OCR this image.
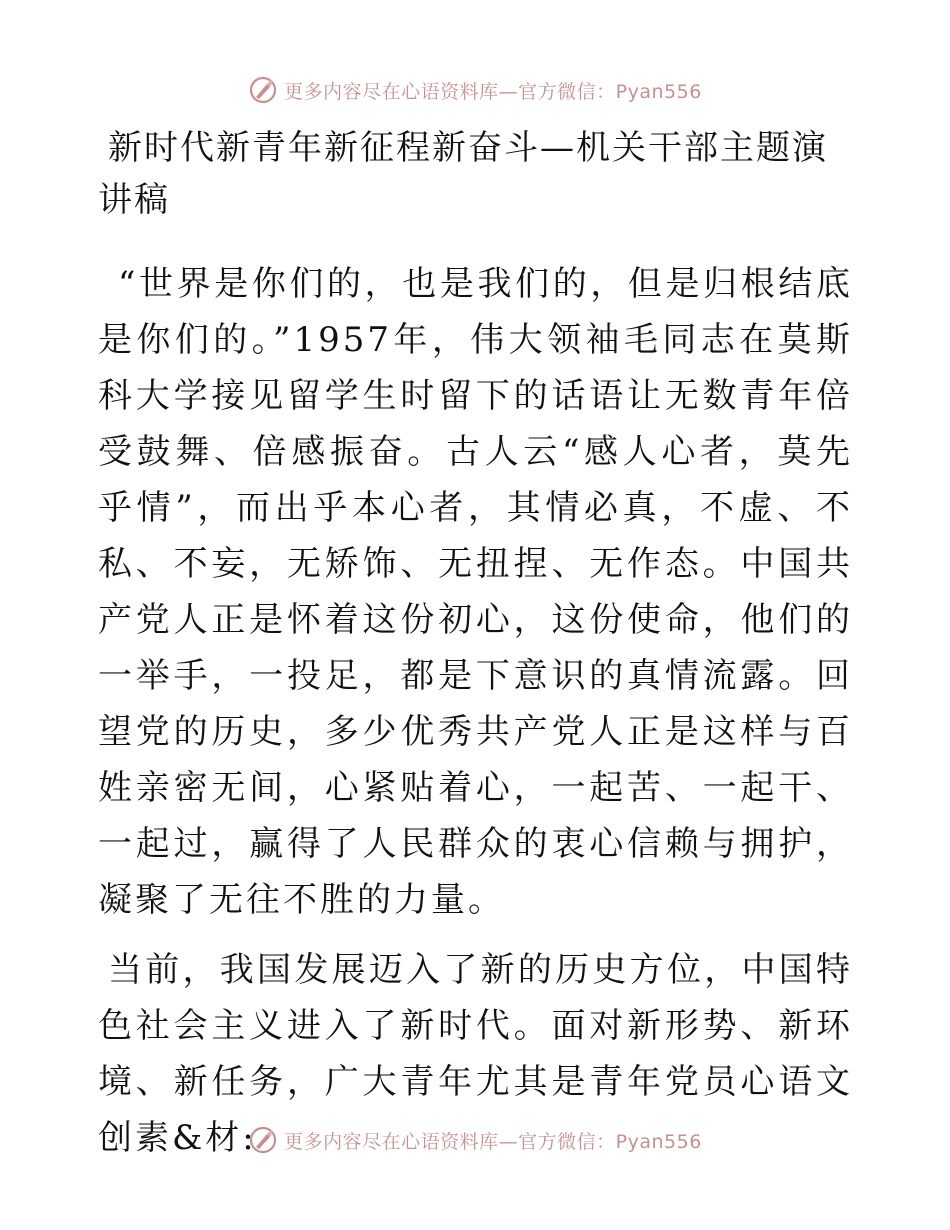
更多内容尽在心语资料库—官方微信：Pyan556
新时代新青年新征程新奋斗—机关干部主题演讲稿

“世界是你们的，也是我们的，但是归根结底是你们的。”1957年，伟大领袖毛同志在莫斯科大学接见留学生时留下的话语让无数青年倍受鼓舞、倍感振奋。古人云“感人心者，莫先乎情”，而出乎本心者，其情必真，不虚、不私、不妄，无矫饰、无扭捏、无作态。中国共产党人正是怀着这份初心，这份使命，他们的一举手，一投足，都是下意识的真情流露。回望党的历史，多少优秀共产党人正是这样与百姓亲密无间，心紧贴着心，一起苦、一起干、一起过，赢得了人民群众的衷心信赖与拥护，凝聚了无往不胜的力量。

当前，我国发展迈入了新的历史方位，中国特色社会主义进入了新时代。面对新形势、新环境、新任务，广大青年尤其是青年党员心语文创素&材:	更多内容尽在心语资料库—官方微信：Pyan556
